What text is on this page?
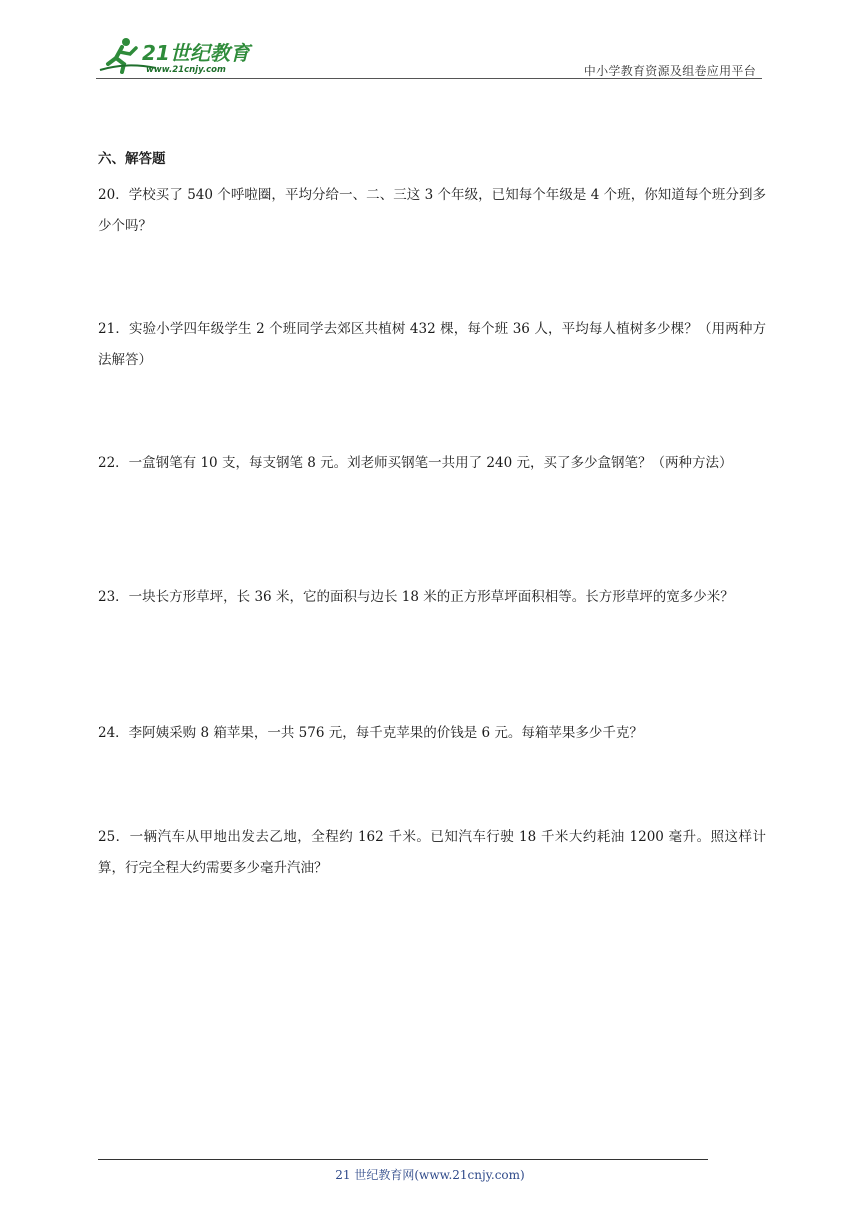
21世纪教育
www.21cnjy.com	中小学教育资源及组卷应用平台

六、解答题

20．学校买了 540 个呼啦圈，平均分给一、二、三这 3 个年级，已知每个年级是 4 个班，你知道每个班分到多少个吗？

21．实验小学四年级学生 2 个班同学去郊区共植树 432 棵，每个班 36 人，平均每人植树多少棵？（用两种方法解答）

22．一盒钢笔有 10 支，每支钢笔 8 元。刘老师买钢笔一共用了 240 元，买了多少盒钢笔？（两种方法）

23．一块长方形草坪，长 36 米，它的面积与边长 18 米的正方形草坪面积相等。长方形草坪的宽多少米？

24．李阿姨采购 8 箱苹果，一共 576 元，每千克苹果的价钱是 6 元。每箱苹果多少千克？

25．一辆汽车从甲地出发去乙地，全程约 162 千米。已知汽车行驶 18 千米大约耗油 1200 毫升。照这样计算，行完全程大约需要多少毫升汽油？

21 世纪教育网(www.21cnjy.com)
